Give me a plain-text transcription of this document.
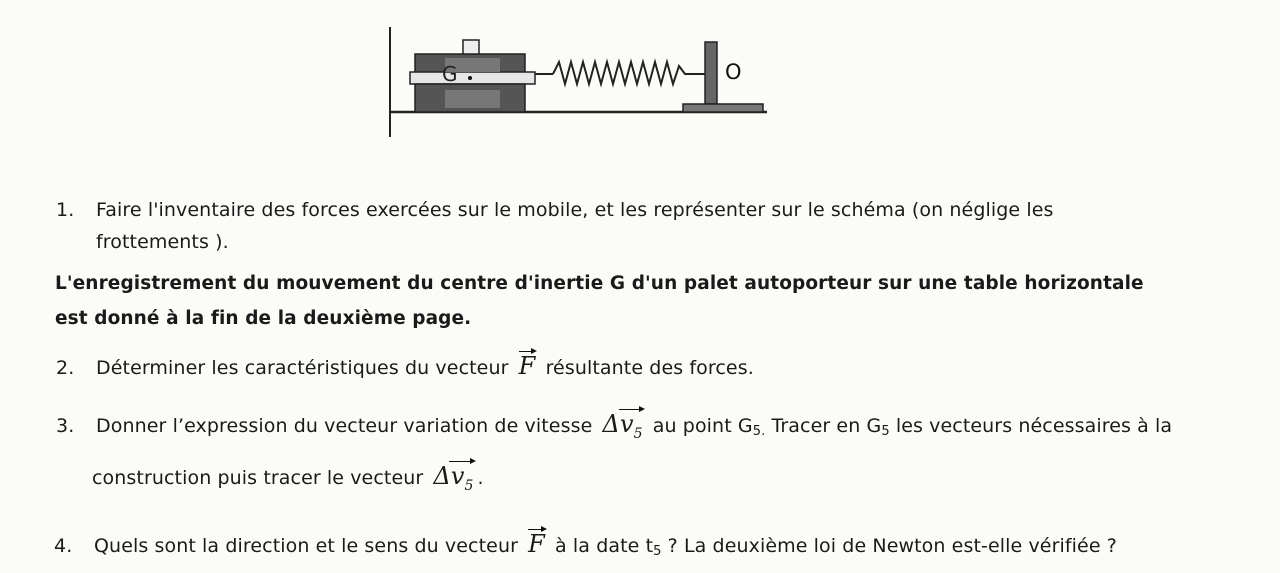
G	O
1. Faire l'inventaire des forces exercées sur le mobile, et les représenter sur le schéma (on néglige les
frottements ).
L'enregistrement du mouvement du centre d'inertie G d'un palet autoporteur sur une table horizontale
est donné à la fin de la deuxième page.
2. Déterminer les caractéristiques du vecteur F résultante des forces.
3. Donner l’expression du vecteur variation de vitesse $\Delta v_5$ au point G5. Tracer en G5 les vecteurs nécessaires à la
construction puis tracer le vecteur $\Delta v_5$ .
4. Quels sont la direction et le sens du vecteur F à la date t5 ? La deuxième loi de Newton est-elle vérifiée ?
